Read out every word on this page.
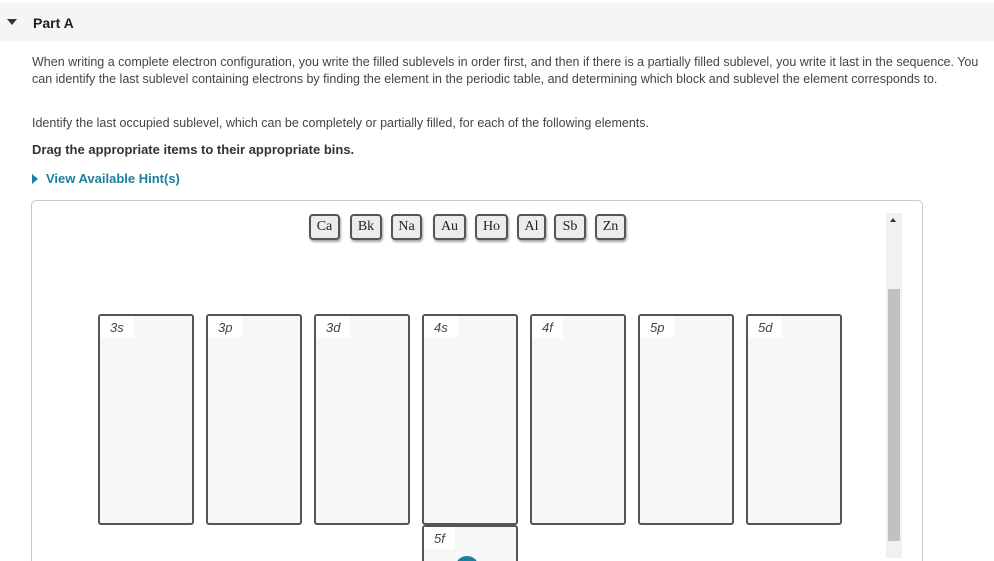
Part A

When writing a complete electron configuration, you write the filled sublevels in order first, and then if there is a partially filled sublevel, you write it last in the sequence. You can identify the last sublevel containing electrons by finding the element in the periodic table, and determining which block and sublevel the element corresponds to.

Identify the last occupied sublevel, which can be completely or partially filled, for each of the following elements.

Drag the appropriate items to their appropriate bins.

View Available Hint(s)
Ca	Bk	Na	Au	Ho	Al	Sb	Zn
3s	3p	3d	4s	4f	5p	5d
5f
